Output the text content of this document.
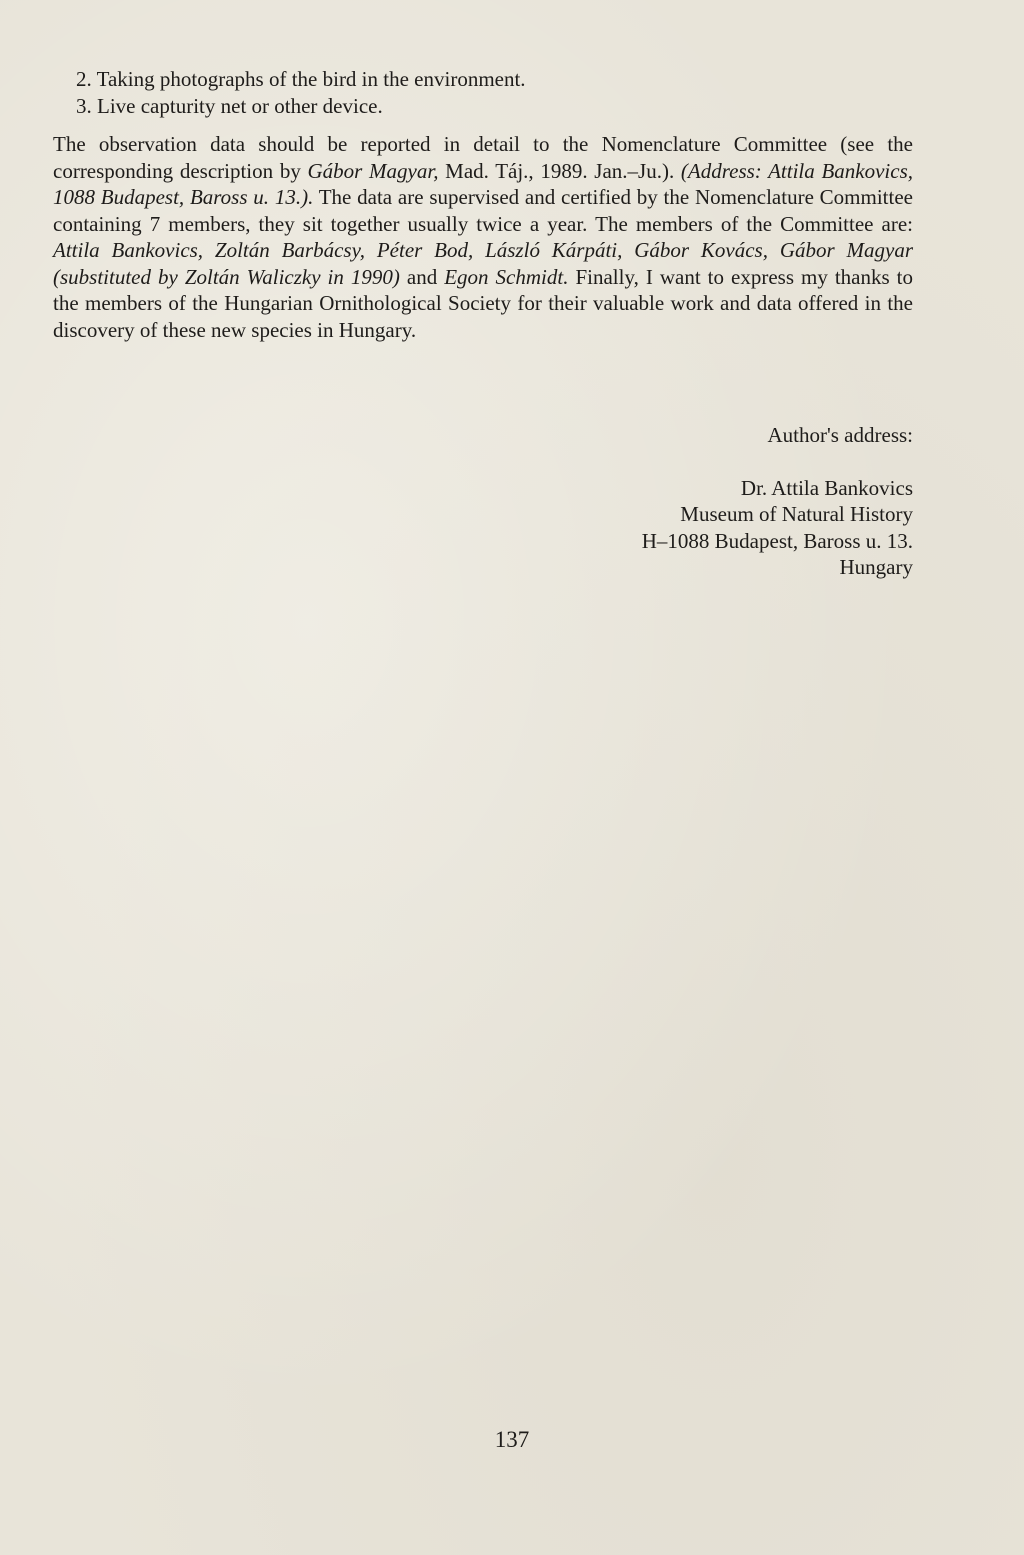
2. Taking photographs of the bird in the environment.
3. Live capturity net or other device.
The observation data should be reported in detail to the Nomenclature Committee (see the corresponding description by Gábor Magyar, Mad. Táj., 1989. Jan.–Ju.). (Address: Attila Bankovics, 1088 Budapest, Baross u. 13.). The data are supervised and certified by the Nomenclature Committee containing 7 members, they sit together usually twice a year. The members of the Committee are: Attila Bankovics, Zoltán Barbácsy, Péter Bod, László Kárpáti, Gábor Kovács, Gábor Magyar (substituted by Zoltán Waliczky in 1990) and Egon Schmidt. Finally, I want to express my thanks to the members of the Hungarian Ornithological Society for their valuable work and data offered in the discovery of these new species in Hungary.
Author's address:
Dr. Attila Bankovics
Museum of Natural History
H–1088 Budapest, Baross u. 13.
Hungary
137
